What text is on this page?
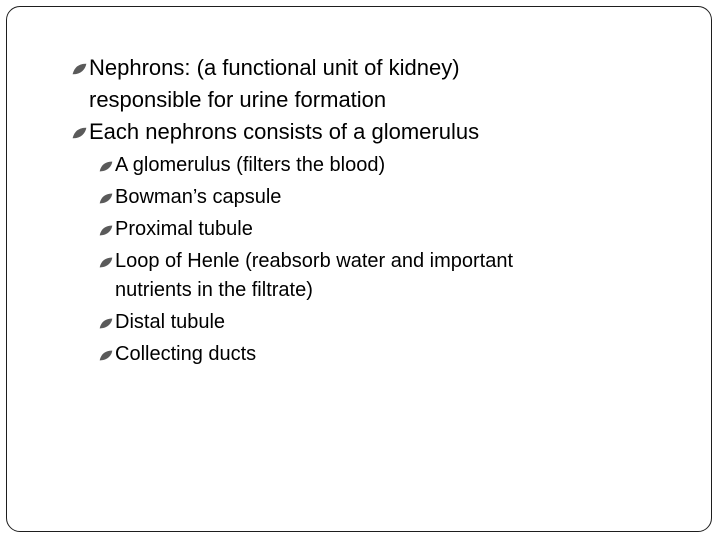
Nephrons: (a functional unit of kidney)
responsible for urine formation
Each nephrons consists of a glomerulus
A glomerulus (filters the blood)
Bowman’s capsule
Proximal tubule
Loop of Henle (reabsorb water and important
nutrients in the filtrate)
Distal tubule
Collecting ducts
